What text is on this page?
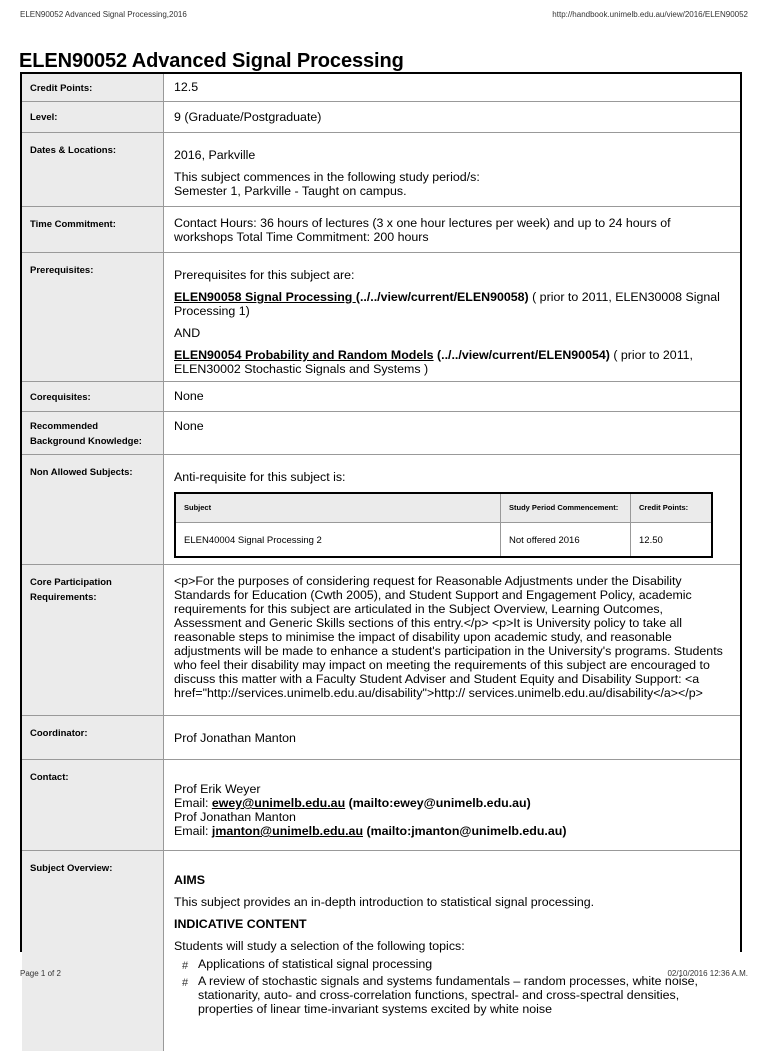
ELEN90052 Advanced Signal Processing,2016	http://handbook.unimelb.edu.au/view/2016/ELEN90052
ELEN90052 Advanced Signal Processing
Credit Points:	12.5
Level:	9 (Graduate/Postgraduate)
Dates & Locations:	2016, Parkville

This subject commences in the following study period/s:

Semester 1, Parkville - Taught on campus.

Time Commitment:	Contact Hours: 36 hours of lectures (3 x one hour lectures per week) and up to 24 hours of workshops Total Time Commitment: 200 hours
Prerequisites:	Prerequisites for this subject are:

ELEN90058 Signal Processing (../../view/current/ELEN90058) ( prior to 2011, ELEN30008 Signal Processing 1)

AND

ELEN90054 Probability and Random Models (../../view/current/ELEN90054) ( prior to 2011, ELEN30002 Stochastic Signals and Systems )

Corequisites:	None
Recommended Background Knowledge:
None
Non Allowed Subjects:	Anti-requisite for this subject is:

Subject	Study Period Commencement:	Credit Points:
ELEN40004 Signal Processing 2	Not offered 2016	12.50
Core Participation Requirements:
<p>For the purposes of considering request for Reasonable Adjustments under the Disability Standards for Education (Cwth 2005), and Student Support and Engagement Policy, academic requirements for this subject are articulated in the Subject Overview, Learning Outcomes, Assessment and Generic Skills sections of this entry.</p> <p>It is University policy to take all reasonable steps to minimise the impact of disability upon academic study, and reasonable adjustments will be made to enhance a student's participation in the University's programs. Students who feel their disability may impact on meeting the requirements of this subject are encouraged to discuss this matter with a Faculty Student Adviser and Student Equity and Disability Support: <a href="http://services.unimelb.edu.au/disability">http:// services.unimelb.edu.au/disability</a></p>
Coordinator:	Prof Jonathan Manton
Contact:
Prof Erik Weyer
Email: ewey@unimelb.edu.au (mailto:ewey@unimelb.edu.au)
Prof Jonathan Manton
Email: jmanton@unimelb.edu.au (mailto:jmanton@unimelb.edu.au)
Subject Overview:

AIMS

This subject provides an in-depth introduction to statistical signal processing.

INDICATIVE CONTENT

Students will study a selection of the following topics:

# Applications of statistical signal processing
# A review of stochastic signals and systems fundamentals – random processes, white noise, stationarity, auto- and cross-correlation functions, spectral- and cross-spectral densities, properties of linear time-invariant systems excited by white noise
Page 1 of 2	02/10/2016 12:36 A.M.
